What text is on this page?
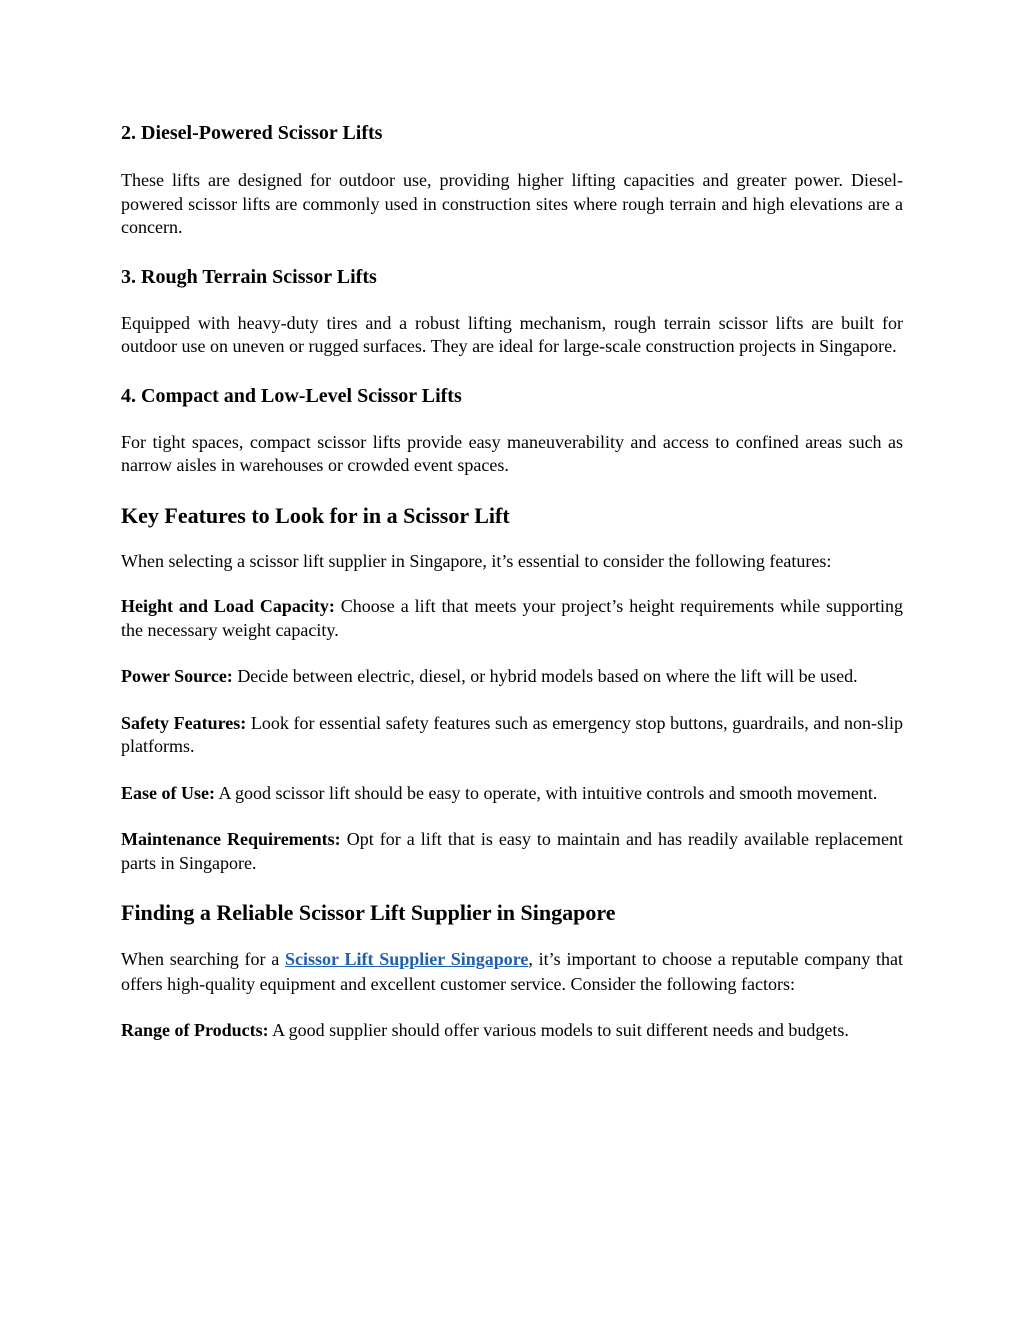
2. Diesel-Powered Scissor Lifts

These lifts are designed for outdoor use, providing higher lifting capacities and greater power. Diesel-powered scissor lifts are commonly used in construction sites where rough terrain and high elevations are a concern.

3. Rough Terrain Scissor Lifts

Equipped with heavy-duty tires and a robust lifting mechanism, rough terrain scissor lifts are built for outdoor use on uneven or rugged surfaces. They are ideal for large-scale construction projects in Singapore.

4. Compact and Low-Level Scissor Lifts

For tight spaces, compact scissor lifts provide easy maneuverability and access to confined areas such as narrow aisles in warehouses or crowded event spaces.

Key Features to Look for in a Scissor Lift

When selecting a scissor lift supplier in Singapore, it’s essential to consider the following features:

Height and Load Capacity: Choose a lift that meets your project’s height requirements while supporting the necessary weight capacity.

Power Source: Decide between electric, diesel, or hybrid models based on where the lift will be used.

Safety Features: Look for essential safety features such as emergency stop buttons, guardrails, and non-slip platforms.

Ease of Use: A good scissor lift should be easy to operate, with intuitive controls and smooth movement.

Maintenance Requirements: Opt for a lift that is easy to maintain and has readily available replacement parts in Singapore.

Finding a Reliable Scissor Lift Supplier in Singapore

When searching for a Scissor Lift Supplier Singapore, it’s important to choose a reputable company that offers high-quality equipment and excellent customer service. Consider the following factors:

Range of Products: A good supplier should offer various models to suit different needs and budgets.
